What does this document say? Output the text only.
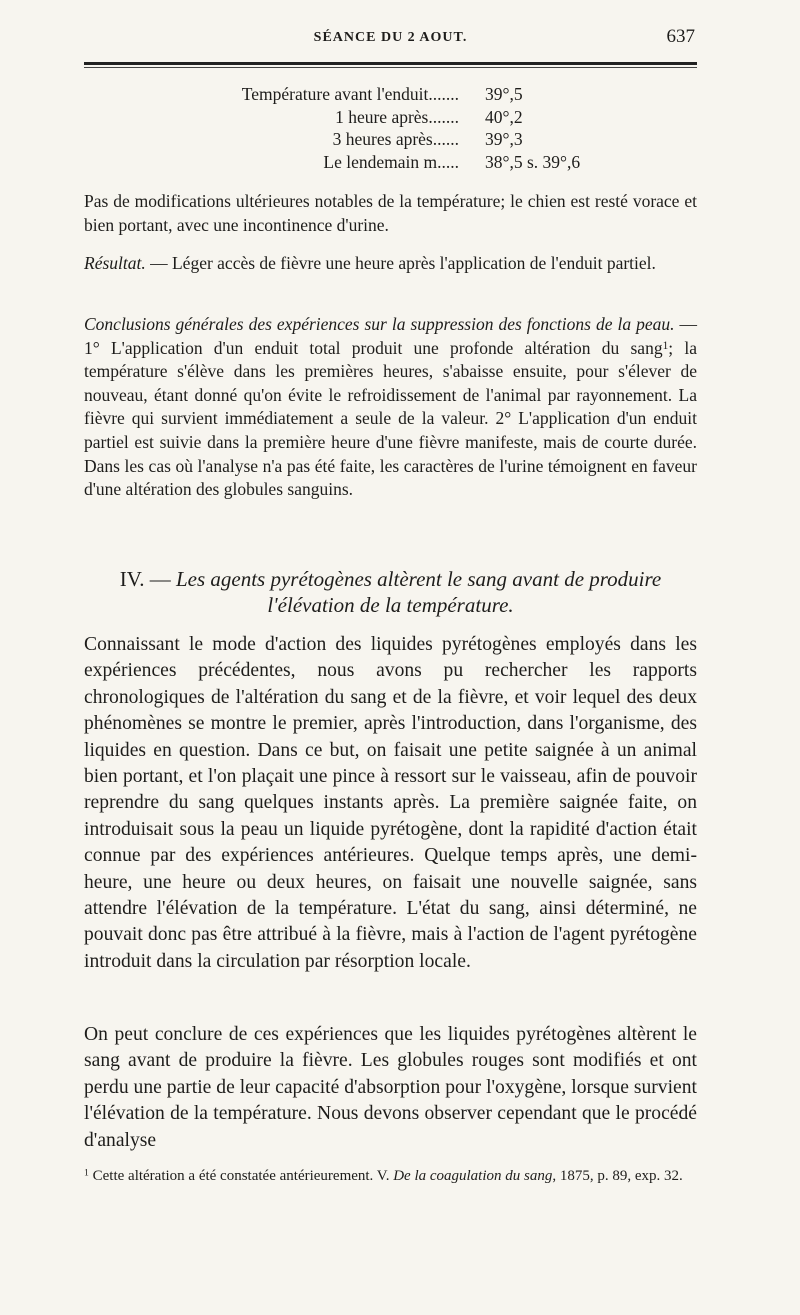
SÉANCE DU 2 AOUT.	637
Température avant l'enduit....... 39°,5
1 heure après....... 40°,2
3 heures après...... 39°,3
Le lendemain m..... 38°,5 s. 39°,6

Pas de modifications ultérieures notables de la température; le chien est resté vorace et bien portant, avec une incontinence d'urine.

Résultat. — Léger accès de fièvre une heure après l'application de l'enduit partiel.

Conclusions générales des expériences sur la suppression des fonctions de la peau. — 1° L'application d'un enduit total produit une profonde altération du sang$^1$; la température s'élève dans les premières heures, s'abaisse ensuite, pour s'élever de nouveau, étant donné qu'on évite le refroidissement de l'animal par rayonnement. La fièvre qui survient immédiatement a seule de la valeur. 2° L'application d'un enduit partiel est suivie dans la première heure d'une fièvre manifeste, mais de courte durée. Dans les cas où l'analyse n'a pas été faite, les caractères de l'urine témoignent en faveur d'une altération des globules sanguins.

IV. — Les agents pyrétogènes altèrent le sang avant de produire l'élévation de la température.

Connaissant le mode d'action des liquides pyrétogènes employés dans les expériences précédentes, nous avons pu rechercher les rapports chronologiques de l'altération du sang et de la fièvre, et voir lequel des deux phénomènes se montre le premier, après l'introduction, dans l'organisme, des liquides en question. Dans ce but, on faisait une petite saignée à un animal bien portant, et l'on plaçait une pince à ressort sur le vaisseau, afin de pouvoir reprendre du sang quelques instants après. La première saignée faite, on introduisait sous la peau un liquide pyrétogène, dont la rapidité d'action était connue par des expériences antérieures. Quelque temps après, une demi-heure, une heure ou deux heures, on faisait une nouvelle saignée, sans attendre l'élévation de la température. L'état du sang, ainsi déterminé, ne pouvait donc pas être attribué à la fièvre, mais à l'action de l'agent pyrétogène introduit dans la circulation par résorption locale.

On peut conclure de ces expériences que les liquides pyrétogènes altèrent le sang avant de produire la fièvre. Les globules rouges sont modifiés et ont perdu une partie de leur capacité d'absorption pour l'oxygène, lorsque survient l'élévation de la température. Nous devons observer cependant que le procédé d'analyse

$^1$ Cette altération a été constatée antérieurement. V. De la coagulation du sang, 1875, p. 89, exp. 32.
